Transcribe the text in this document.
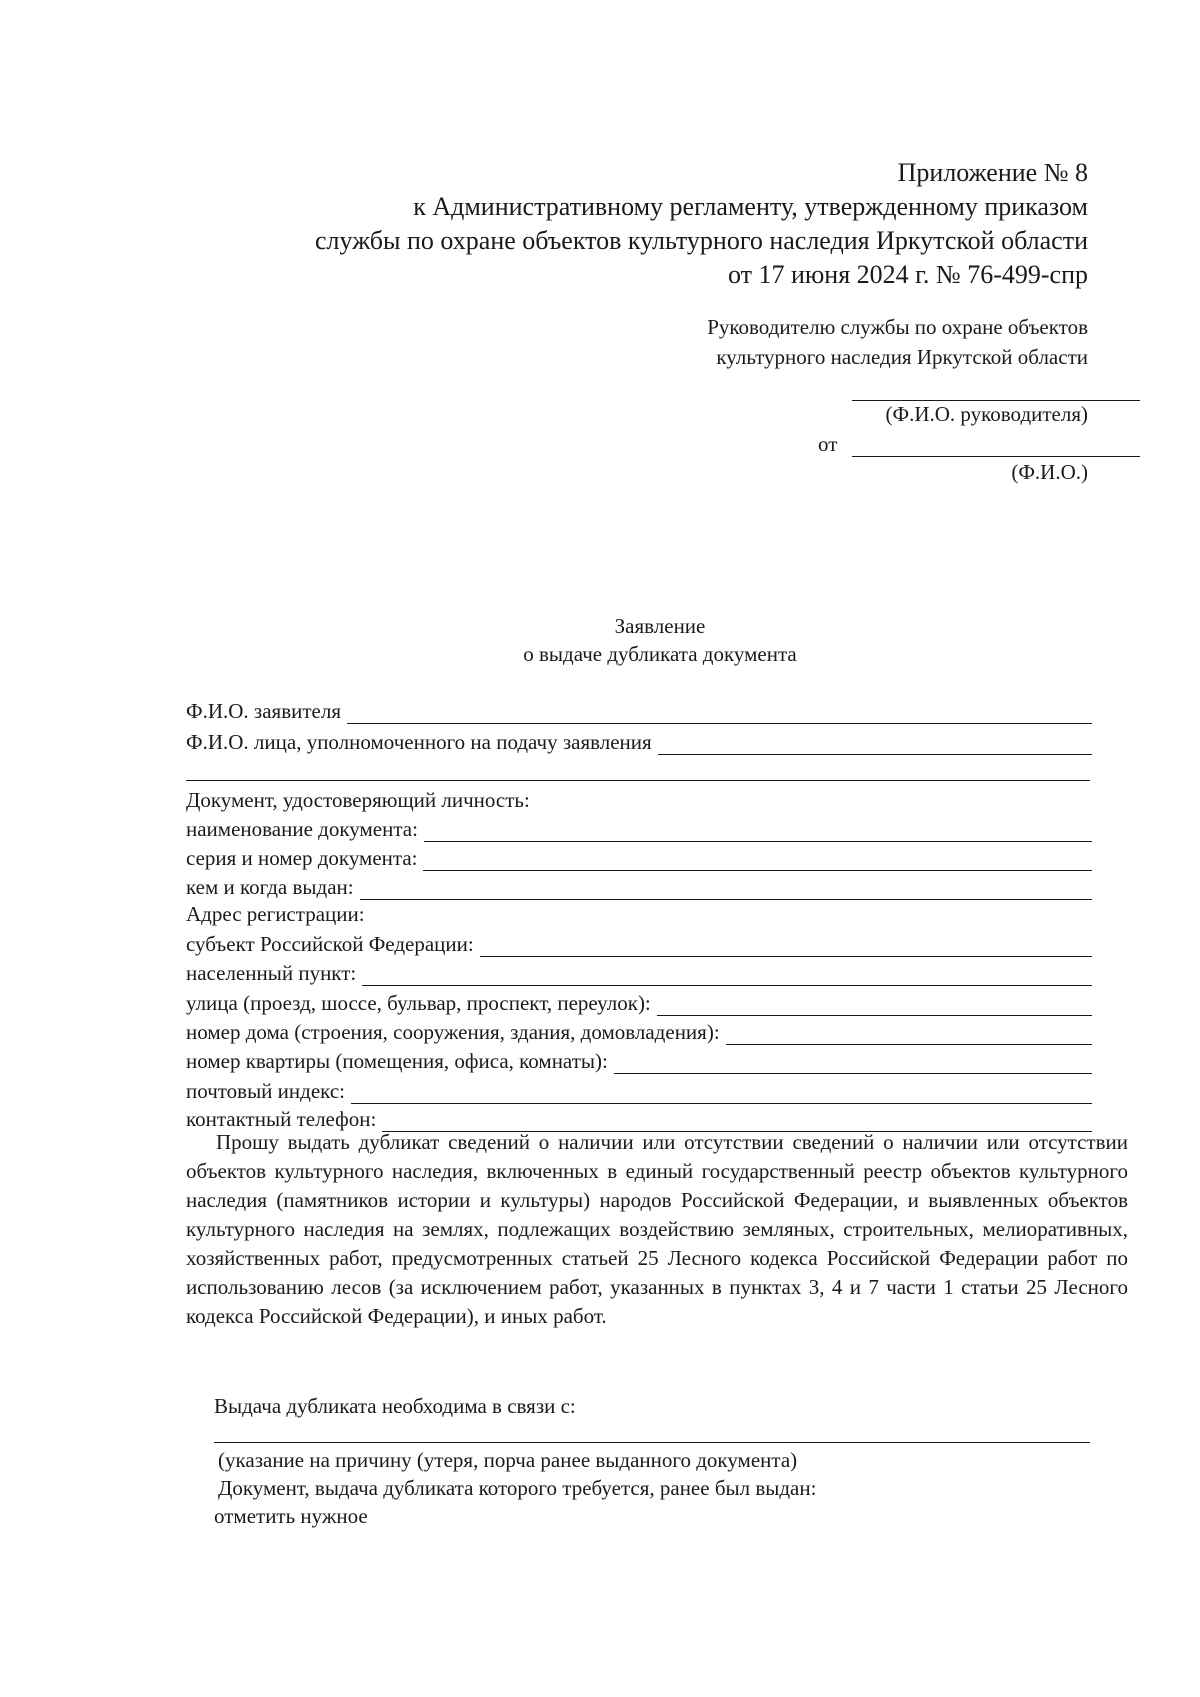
Приложение № 8
к Административному регламенту, утвержденному приказом
службы по охране объектов культурного наследия Иркутской области
от 17 июня 2024 г. № 76-499-спр
Руководителю службы по охране объектов
культурного наследия Иркутской области
(Ф.И.О. руководителя)
от
(Ф.И.О.)
Заявление
о выдаче дубликата документа
Ф.И.О. заявителя
Ф.И.О. лица, уполномоченного на подачу заявления
Документ, удостоверяющий личность:
наименование документа:
серия и номер документа:
кем и когда выдан:
Адрес регистрации:
субъект Российской Федерации:
населенный пункт:
улица (проезд, шоссе, бульвар, проспект, переулок):
номер дома (строения, сооружения, здания, домовладения):
номер квартиры (помещения, офиса, комнаты):
почтовый индекс:
контактный телефон:
Прошу выдать дубликат сведений о наличии или отсутствии сведений о наличии или отсутствии объектов культурного наследия, включенных в единый государственный реестр объектов культурного наследия (памятников истории и культуры) народов Российской Федерации, и выявленных объектов культурного наследия на землях, подлежащих воздействию земляных, строительных, мелиоративных, хозяйственных работ, предусмотренных статьей 25 Лесного кодекса Российской Федерации работ по использованию лесов (за исключением работ, указанных в пунктах 3, 4 и 7 части 1 статьи 25 Лесного кодекса Российской Федерации), и иных работ.
Выдача дубликата необходима в связи с:
(указание на причину (утеря, порча ранее выданного документа)
Документ, выдача дубликата которого требуется, ранее был выдан:
отметить нужное
